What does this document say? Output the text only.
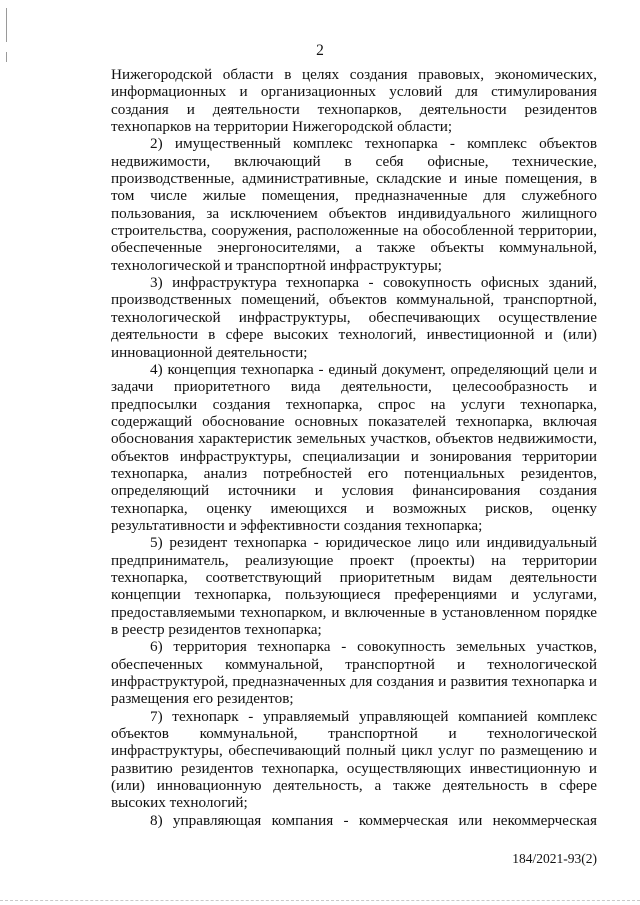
2

Нижегородской области в целях создания правовых, экономических, информационных и организационных условий для стимулирования создания и деятельности технопарков, деятельности резидентов технопарков на территории Нижегородской области;

2) имущественный комплекс технопарка - комплекс объектов недвижимости, включающий в себя офисные, технические, производственные, административные, складские и иные помещения, в том числе жилые помещения, предназначенные для служебного пользования, за исключением объектов индивидуального жилищного строительства, сооружения, расположенные на обособленной территории, обеспеченные энергоносителями, а также объекты коммунальной, технологической и транспортной инфраструктуры;

3) инфраструктура технопарка - совокупность офисных зданий, производственных помещений, объектов коммунальной, транспортной, технологической инфраструктуры, обеспечивающих осуществление деятельности в сфере высоких технологий, инвестиционной и (или) инновационной деятельности;

4) концепция технопарка - единый документ, определяющий цели и задачи приоритетного вида деятельности, целесообразность и предпосылки создания технопарка, спрос на услуги технопарка, содержащий обоснование основных показателей технопарка, включая обоснования характеристик земельных участков, объектов недвижимости, объектов инфраструктуры, специализации и зонирования территории технопарка, анализ потребностей его потенциальных резидентов, определяющий источники и условия финансирования создания технопарка, оценку имеющихся и возможных рисков, оценку результативности и эффективности создания технопарка;

5) резидент технопарка - юридическое лицо или индивидуальный предприниматель, реализующие проект (проекты) на территории технопарка, соответствующий приоритетным видам деятельности концепции технопарка, пользующиеся преференциями и услугами, предоставляемыми технопарком, и включенные в установленном порядке в реестр резидентов технопарка;

6) территория технопарка - совокупность земельных участков, обеспеченных коммунальной, транспортной и технологической инфраструктурой, предназначенных для создания и развития технопарка и размещения его резидентов;

7) технопарк - управляемый управляющей компанией комплекс объектов коммунальной, транспортной и технологической инфраструктуры, обеспечивающий полный цикл услуг по размещению и развитию резидентов технопарка, осуществляющих инвестиционную и (или) инновационную деятельность, а также деятельность в сфере высоких технологий;

8) управляющая компания - коммерческая или некоммерческая

184/2021-93(2)
